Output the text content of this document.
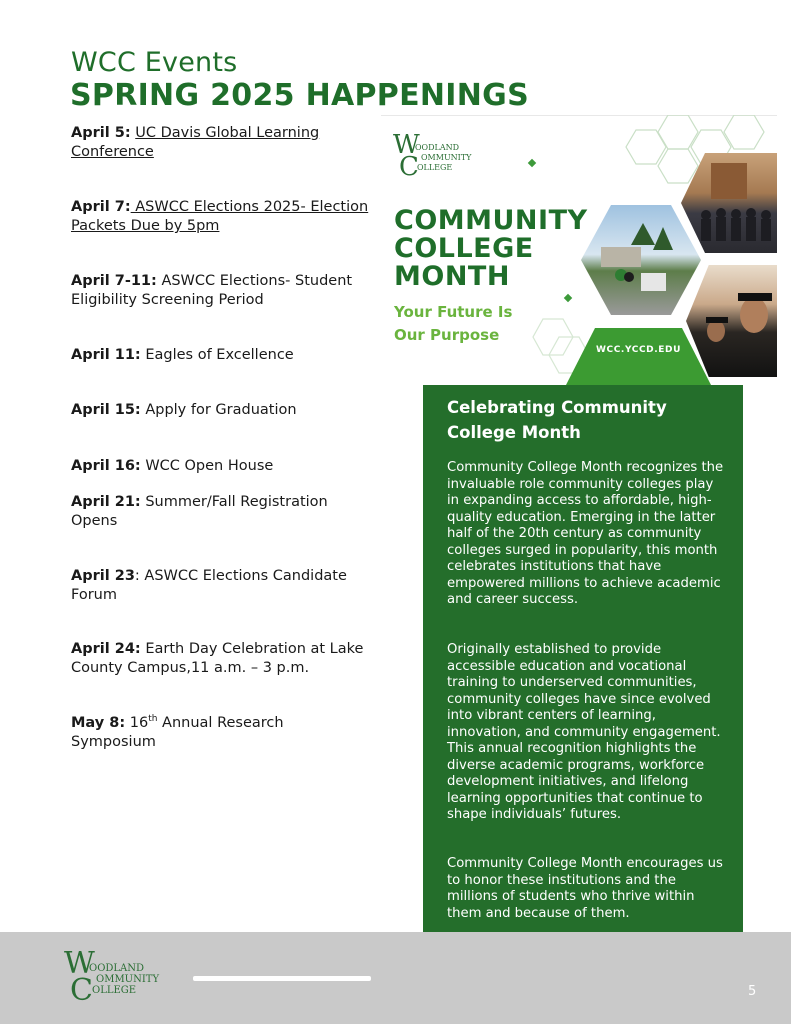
WCC Events
SPRING 2025 HAPPENINGS
April 5: UC Davis Global Learning Conference
April 7: ASWCC Elections 2025- Election Packets Due by 5pm
April 7-11: ASWCC Elections- Student Eligibility Screening Period
April 11: Eagles of Excellence
April 15: Apply for Graduation
April 16: WCC Open House
April 21: Summer/Fall Registration Opens
April 23: ASWCC Elections Candidate Forum
April 24: Earth Day Celebration at Lake County Campus,11 a.m. – 3 p.m.
May 8: 16th Annual Research Symposium
W
C
OODLAND
OMMUNITY
OLLEGE
COMMUNITY
COLLEGE
MONTH
Your Future Is
Our Purpose
WCC.YCCD.EDU
Celebrating Community College Month
Community College Month recognizes the invaluable role community colleges play in expanding access to affordable, high-quality education. Emerging in the latter half of the 20th century as community colleges surged in popularity, this month celebrates institutions that have empowered millions to achieve academic and career success.
Originally established to provide accessible education and vocational training to underserved communities, community colleges have since evolved into vibrant centers of learning, innovation, and community engagement. This annual recognition highlights the diverse academic programs, workforce development initiatives, and lifelong learning opportunities that continue to shape individuals’ futures.
Community College Month encourages us to honor these institutions and the millions of students who thrive within them and because of them.
W
C
OODLAND
OMMUNITY
OLLEGE	5
